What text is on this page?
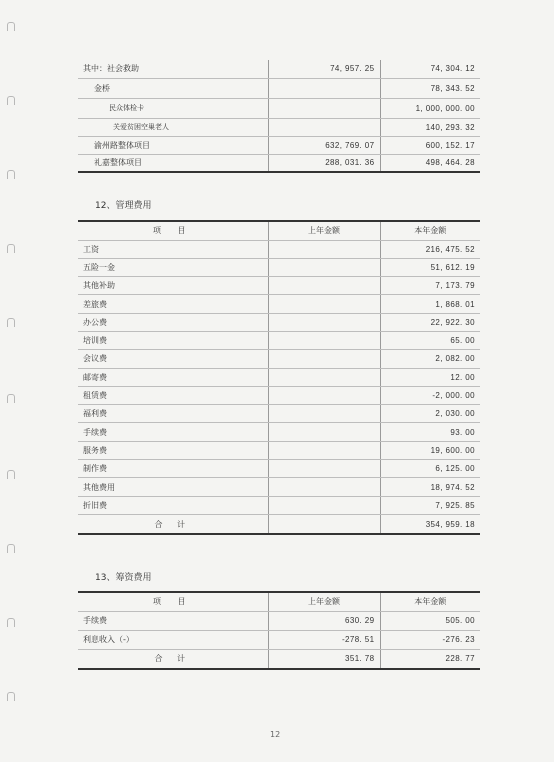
其中：社会救助	74, 957. 25	74, 304. 12
金桥		78, 343. 52
民众体检卡		1, 000, 000. 00
关爱贫困空巢老人		140, 293. 32
渝州路整体项目	632, 769. 07	600, 152. 17
礼嘉整体项目	288, 031. 36	498, 464. 28
12、管理费用
项 目	上年金额	本年金额
工资		216, 475. 52
五险一金		51, 612. 19
其他补助		7, 173. 79
差旅费		1, 868. 01
办公费		22, 922. 30
培训费		65. 00
会议费		2, 082. 00
邮寄费		12. 00
租赁费		-2, 000. 00
福利费		2, 030. 00
手续费		93. 00
服务费		19, 600. 00
制作费		6, 125. 00
其他费用		18, 974. 52
折旧费		7, 925. 85
合 计		354, 959. 18
13、筹资费用
项 目	上年金额	本年金额
手续费	630. 29	505. 00
利息收入（-）	-278. 51	-276. 23
合 计	351. 78	228. 77
12
